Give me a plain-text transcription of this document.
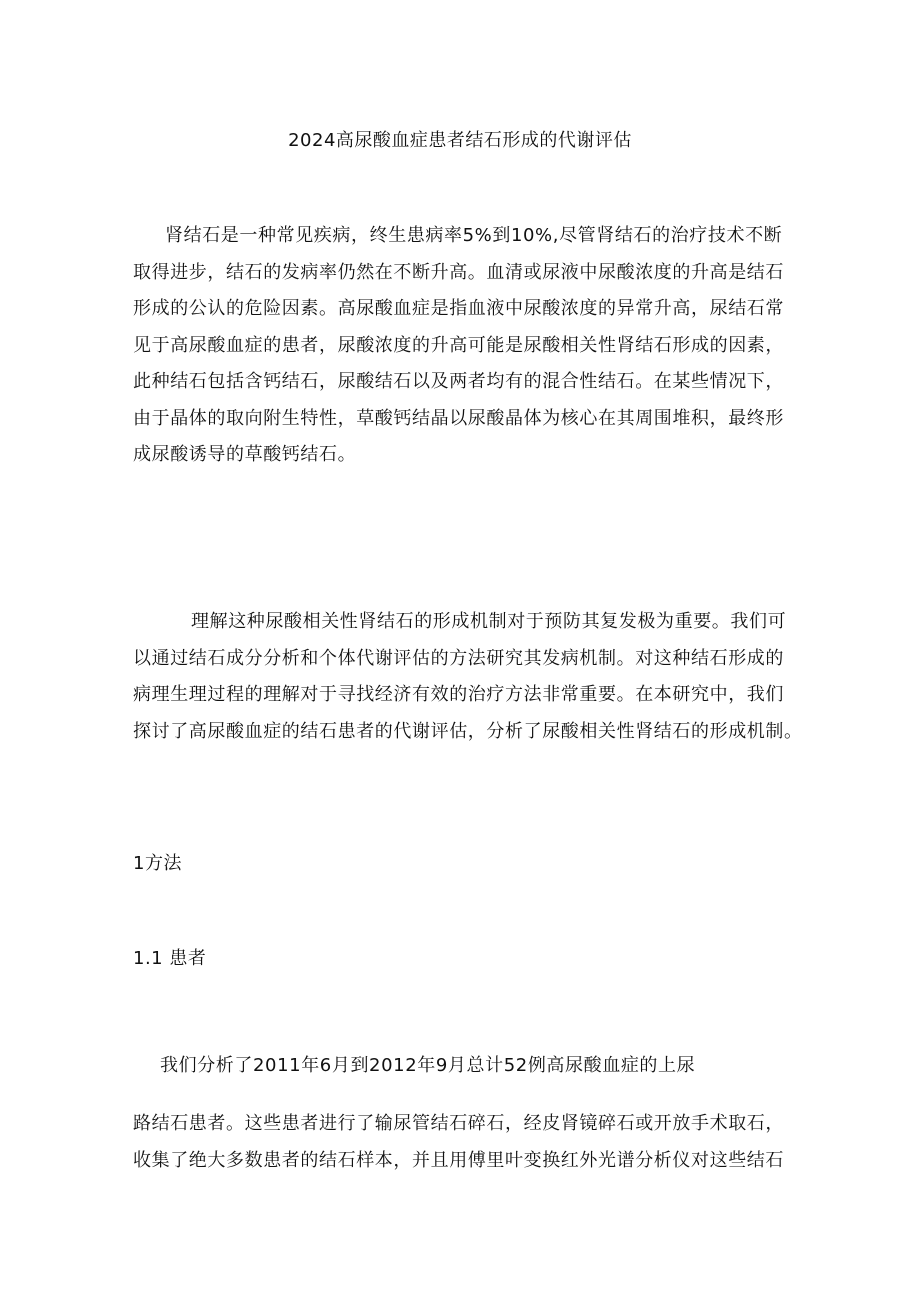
2024高尿酸血症患者结石形成的代谢评估

肾结石是一种常见疾病，终生患病率5%到10%,尽管肾结石的治疗技术不断
取得进步，结石的发病率仍然在不断升高。血清或尿液中尿酸浓度的升高是结石
形成的公认的危险因素。高尿酸血症是指血液中尿酸浓度的异常升高，尿结石常
见于高尿酸血症的患者，尿酸浓度的升高可能是尿酸相关性肾结石形成的因素，
此种结石包括含钙结石，尿酸结石以及两者均有的混合性结石。在某些情况下，
由于晶体的取向附生特性，草酸钙结晶以尿酸晶体为核心在其周围堆积，最终形
成尿酸诱导的草酸钙结石。

理解这种尿酸相关性肾结石的形成机制对于预防其复发极为重要。我们可
以通过结石成分分析和个体代谢评估的方法研究其发病机制。对这种结石形成的
病理生理过程的理解对于寻找经济有效的治疗方法非常重要。在本研究中，我们
探讨了高尿酸血症的结石患者的代谢评估，分析了尿酸相关性肾结石的形成机制。

1方法
1.1 患者

我们分析了2011年6月到2012年9月总计52例高尿酸血症的上尿

路结石患者。这些患者进行了输尿管结石碎石，经皮肾镜碎石或开放手术取石，
收集了绝大多数患者的结石样本，并且用傅里叶变换红外光谱分析仪对这些结石
